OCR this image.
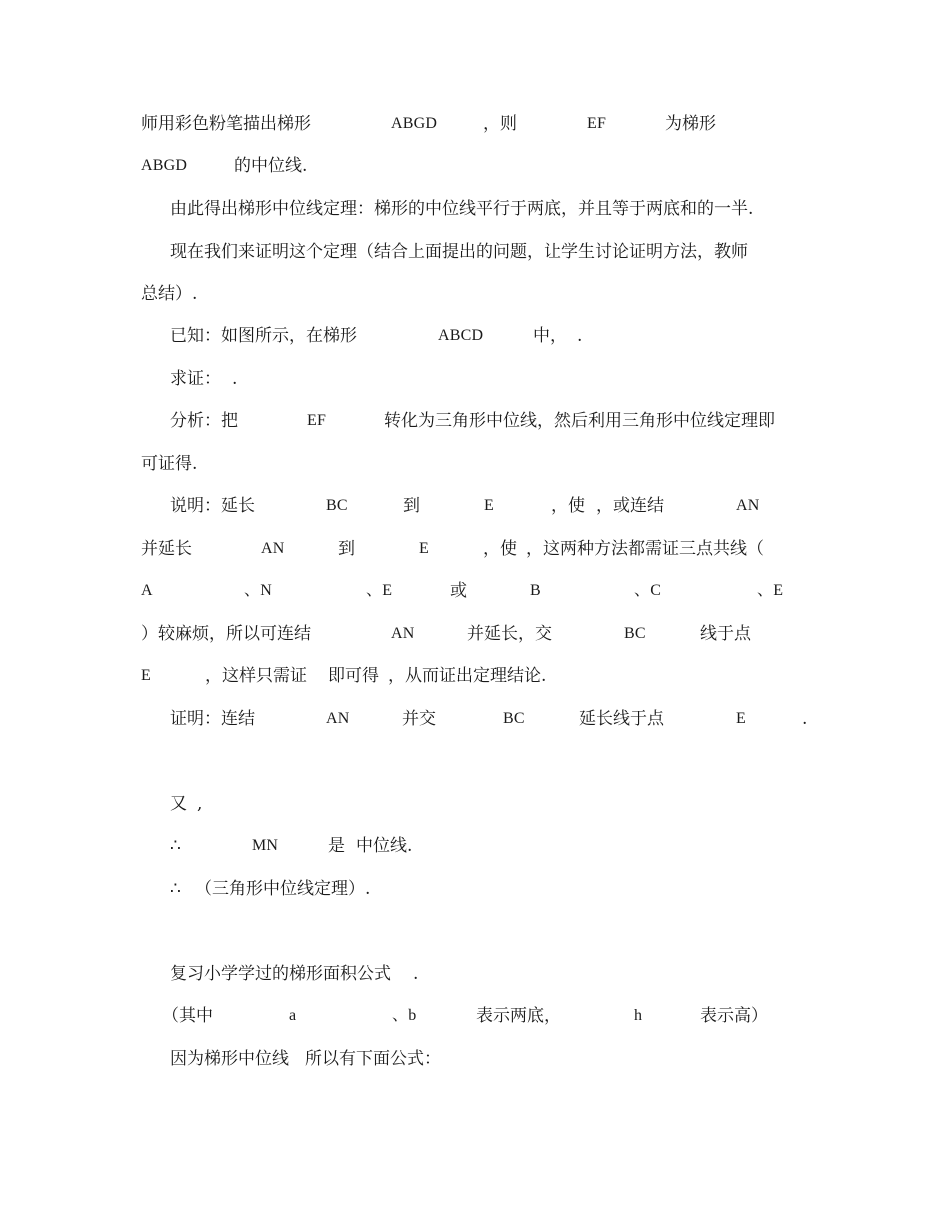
师用彩色粉笔描出梯形	ABGD	，则	EF	为梯形
ABGD	的中位线.
由此得出梯形中位线定理：梯形的中位线平行于两底，并且等于两底和的一半.
现在我们来证明这个定理（结合上面提出的问题，让学生讨论证明方法，教师
总结）.
已知：如图所示，在梯形	ABCD	中， .
求证： .
分析：把	EF	转化为三角形中位线，然后利用三角形中位线定理即
可证得.
说明：延长	BC	到	E	，使 ，或连结	AN
并延长	AN	到	E	，使 ，这两种方法都需证三点共线（
A	、N	、E	或	B	、C	、E
）较麻烦，所以可连结	AN	并延长，交	BC	线于点
E	，这样只需证 即可得 ，从而证出定理结论.
证明：连结	AN	并交	BC	延长线于点	E	.
又 ,
∴	MN	是 中位线.
∴ （三角形中位线定理）.
复习小学学过的梯形面积公式 .
（其中	a	、b	表示两底，	h	表示高）
因为梯形中位线 所以有下面公式：
